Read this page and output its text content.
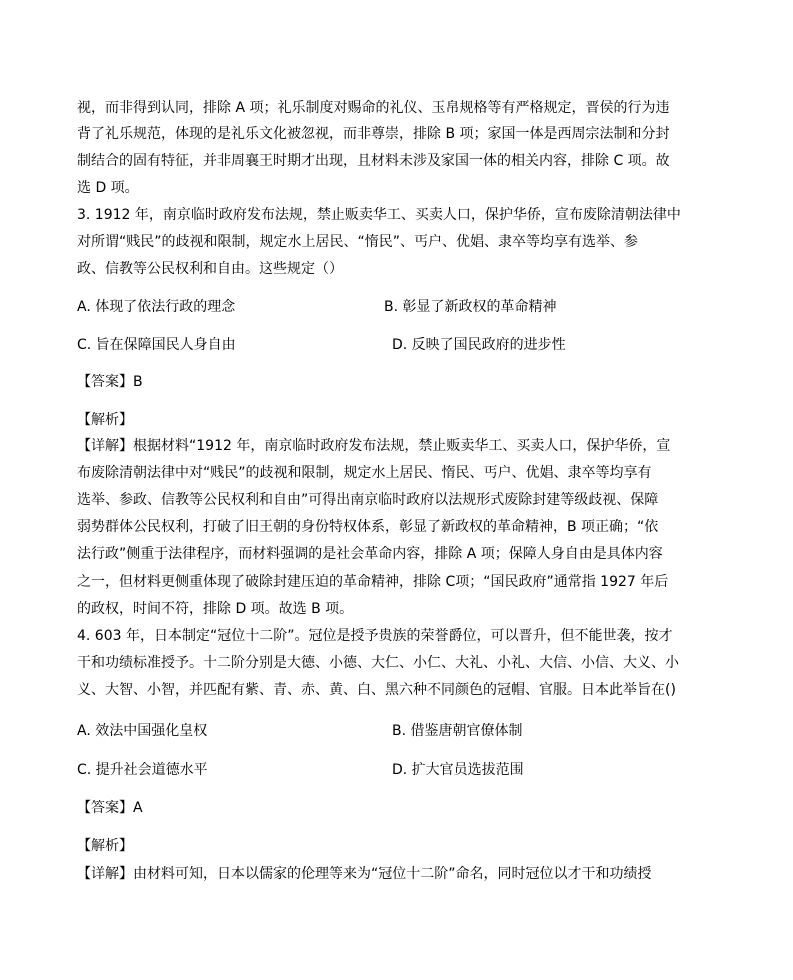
视，而非得到认同，排除 A 项；礼乐制度对赐命的礼仪、玉帛规格等有严格规定，晋侯的行为违
背了礼乐规范，体现的是礼乐文化被忽视，而非尊崇，排除 B 项；家国一体是西周宗法制和分封
制结合的固有特征，并非周襄王时期才出现，且材料未涉及家国一体的相关内容，排除 C 项。故
选 D 项。
3. 1912 年，南京临时政府发布法规，禁止贩卖华工、买卖人口，保护华侨，宣布废除清朝法律中
对所谓“贱民”的歧视和限制，规定水上居民、“惰民”、丐户、优娼、隶卒等均享有选举、参
政、信教等公民权利和自由。这些规定（）
A. 体现了依法行政的理念	B. 彰显了新政权的革命精神
C. 旨在保障国民人身自由	D. 反映了国民政府的进步性
【答案】B
【解析】
【详解】根据材料“1912 年，南京临时政府发布法规，禁止贩卖华工、买卖人口，保护华侨，宣
布废除清朝法律中对“贱民”的歧视和限制，规定水上居民、惰民、丐户、优娼、隶卒等均享有
选举、参政、信教等公民权利和自由”可得出南京临时政府以法规形式废除封建等级歧视、保障
弱势群体公民权利，打破了旧王朝的身份特权体系，彰显了新政权的革命精神，B 项正确；“依
法行政”侧重于法律程序，而材料强调的是社会革命内容，排除 A 项；保障人身自由是具体内容
之一，但材料更侧重体现了破除封建压迫的革命精神，排除 C项；“国民政府”通常指 1927 年后
的政权，时间不符，排除 D 项。故选 B 项。
4. 603 年，日本制定“冠位十二阶”。冠位是授予贵族的荣誉爵位，可以晋升，但不能世袭，按才
干和功绩标准授予。十二阶分别是大德、小德、大仁、小仁、大礼、小礼、大信、小信、大义、小
义、大智、小智，并匹配有紫、青、赤、黄、白、黑六种不同颜色的冠帽、官服。日本此举旨在()
A. 效法中国强化皇权	B. 借鉴唐朝官僚体制
C. 提升社会道德水平	D. 扩大官员选拔范围
【答案】A
【解析】
【详解】由材料可知，日本以儒家的伦理等来为“冠位十二阶”命名，同时冠位以才干和功绩授
